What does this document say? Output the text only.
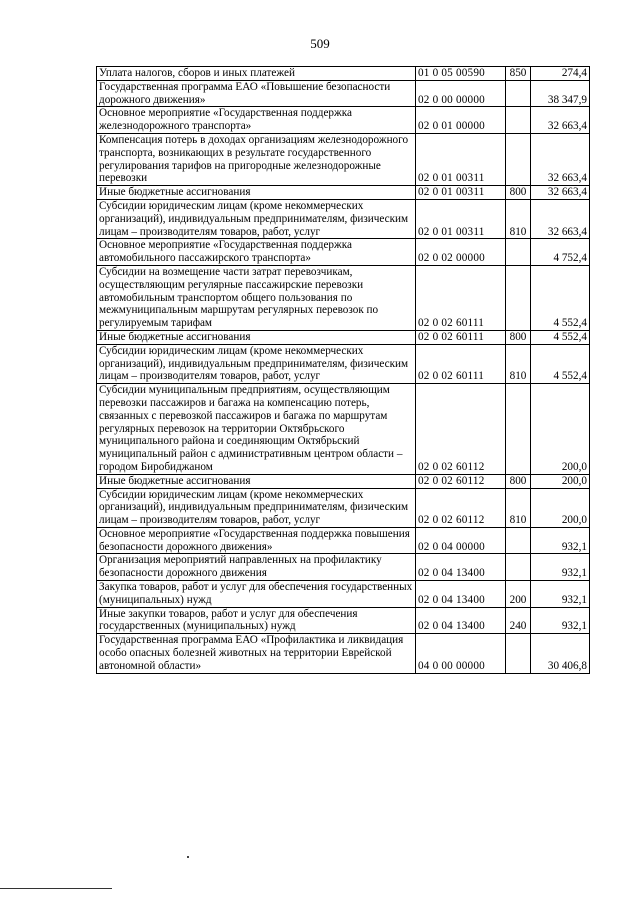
509
Уплата налогов, сборов и иных платежей	01 0 05 00590	850	274,4
Государственная программа ЕАО «Повышение безопасности дорожного движения»	02 0 00 00000		38 347,9
Основное мероприятие «Государственная поддержка железнодорожного транспорта»	02 0 01 00000		32 663,4
Компенсация потерь в доходах организациям железнодорожного транспорта, возникающих в результате государственного регулирования тарифов на пригородные железнодорожные перевозки	02 0 01 00311		32 663,4
Иные бюджетные ассигнования	02 0 01 00311	800	32 663,4
Субсидии юридическим лицам (кроме некоммерческих организаций), индивидуальным предпринимателям, физическим лицам – производителям товаров, работ, услуг	02 0 01 00311	810	32 663,4
Основное мероприятие «Государственная поддержка автомобильного пассажирского транспорта»	02 0 02 00000		4 752,4
Субсидии на возмещение части затрат перевозчикам, осуществляющим регулярные пассажирские перевозки автомобильным транспортом общего пользования по межмуниципальным маршрутам регулярных перевозок по регулируемым тарифам	02 0 02 60111		4 552,4
Иные бюджетные ассигнования	02 0 02 60111	800	4 552,4
Субсидии юридическим лицам (кроме некоммерческих организаций), индивидуальным предпринимателям, физическим лицам – производителям товаров, работ, услуг	02 0 02 60111	810	4 552,4
Субсидии муниципальным предприятиям, осуществляющим перевозки пассажиров и багажа на компенсацию потерь, связанных с перевозкой пассажиров и багажа по маршрутам регулярных перевозок на территории Октябрьского муниципального района и соединяющим Октябрьский муниципальный район с административным центром области – городом Биробиджаном	02 0 02 60112		200,0
Иные бюджетные ассигнования	02 0 02 60112	800	200,0
Субсидии юридическим лицам (кроме некоммерческих организаций), индивидуальным предпринимателям, физическим лицам – производителям товаров, работ, услуг	02 0 02 60112	810	200,0
Основное мероприятие «Государственная поддержка повышения безопасности дорожного движения»	02 0 04 00000		932,1
Организация мероприятий направленных на профилактику безопасности дорожного движения	02 0 04 13400		932,1
Закупка товаров, работ и услуг для обеспечения государственных (муниципальных) нужд	02 0 04 13400	200	932,1
Иные закупки товаров, работ и услуг для обеспечения государственных (муниципальных) нужд	02 0 04 13400	240	932,1
Государственная программа ЕАО «Профилактика и ликвидация особо опасных болезней животных на территории Еврейской автономной области»	04 0 00 00000		30 406,8
